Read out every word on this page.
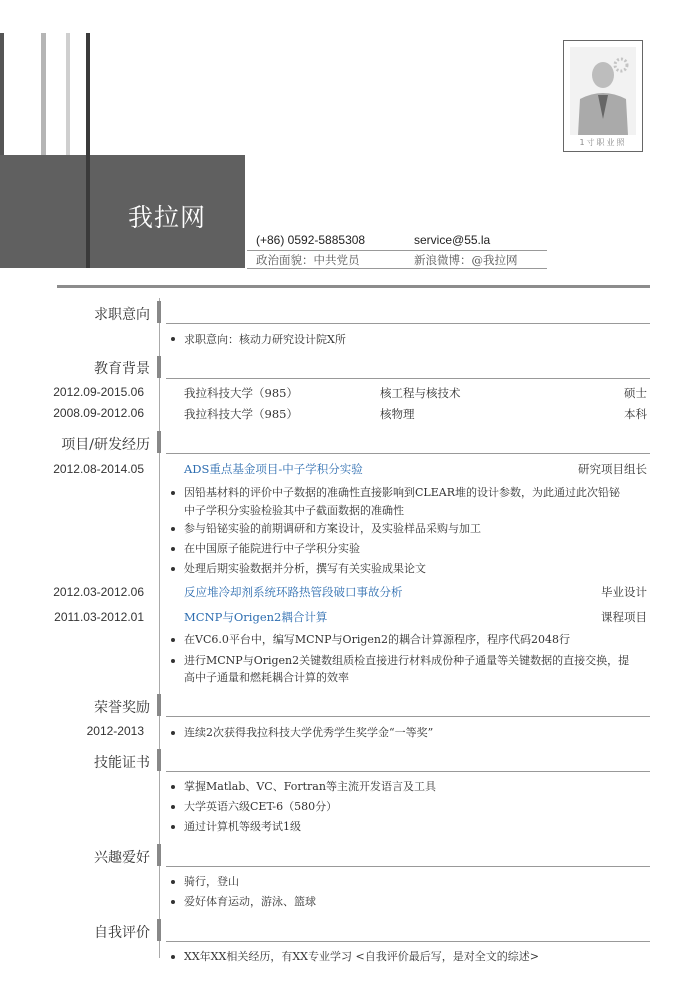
我拉网
(+86) 0592-5885308	service@55.la
政治面貌：中共党员	新浪微博：@我拉网
1寸职业照
求职意向
求职意向：核动力研究设计院X所
教育背景
2012.09-2015.06	我拉科技大学（985）	核工程与核技术	硕士
2008.09-2012.06	我拉科技大学（985）	核物理	本科
项目/研发经历
2012.08-2014.05	ADS重点基金项目-中子学积分实验	研究项目组长
因铅基材料的评价中子数据的准确性直接影响到CLEAR堆的设计参数，为此通过此次铅铋
中子学积分实验检验其中子截面数据的准确性
参与铅铋实验的前期调研和方案设计，及实验样品采购与加工
在中国原子能院进行中子学积分实验
处理后期实验数据并分析，撰写有关实验成果论文
2012.03-2012.06	反应堆冷却剂系统环路热管段破口事故分析	毕业设计
2011.03-2012.01	MCNP与Origen2耦合计算	课程项目
在VC6.0平台中，编写MCNP与Origen2的耦合计算源程序，程序代码2048行
进行MCNP与Origen2关键数组质检直接进行材料成份种子通量等关键数据的直接交换，提
高中子通量和燃耗耦合计算的效率
荣誉奖励
2012-2013	连续2次获得我拉科技大学优秀学生奖学金“一等奖”
技能证书
掌握Matlab、VC、Fortran等主流开发语言及工具
大学英语六级CET-6（580分）
通过计算机等级考试1级
兴趣爱好
骑行，登山
爱好体育运动，游泳、篮球
自我评价
XX年XX相关经历，有XX专业学习 <自我评价最后写，是对全文的综述>
